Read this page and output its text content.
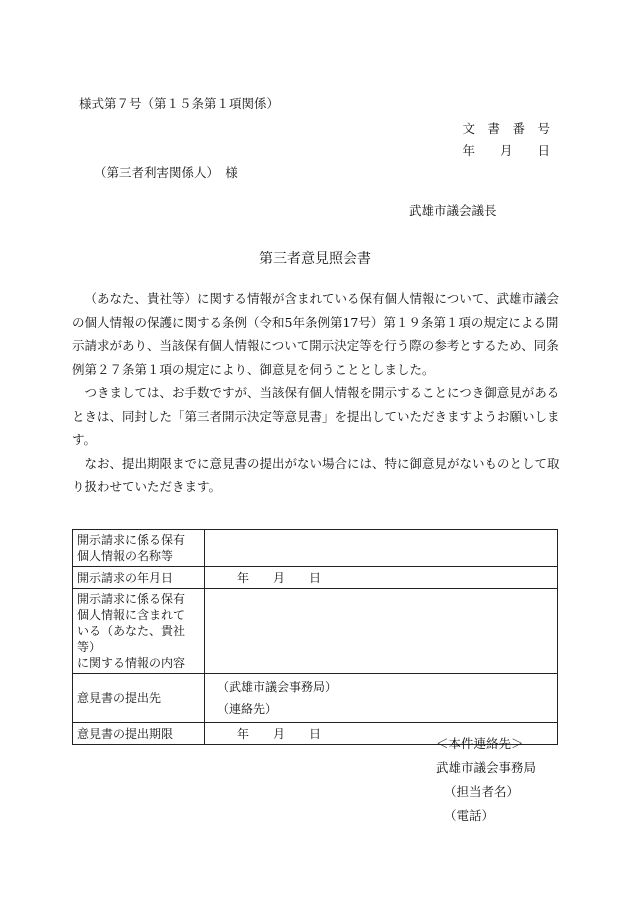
様式第７号（第１５条第１項関係）
文　書　番　号
年　　月　　日
（第三者利害関係人）　様
武雄市議会議長
第三者意見照会書

（あなた、貴社等）に関する情報が含まれている保有個人情報について、武雄市議会の個人情報の保護に関する条例（令和5年条例第17号）第１９条第１項の規定による開示請求があり、当該保有個人情報について開示決定等を行う際の参考とするため、同条例第２７条第１項の規定により、御意見を伺うこととしました。

つきましては、お手数ですが、当該保有個人情報を開示することにつき御意見があるときは、同封した「第三者開示決定等意見書」を提出していただきますようお願いします。

なお、提出期限までに意見書の提出がない場合には、特に御意見がないものとして取り扱わせていただきます。

開示請求に係る保有
個人情報の名称等	

開示請求の年月日	年　　月　　日

開示請求に係る保有
個人情報に含まれて
いる（あなた、貴社等）
に関する情報の内容	

意見書の提出先	（武雄市議会事務局）
（連絡先）

意見書の提出期限	年　　月　　日
＜本件連絡先＞
武雄市議会事務局
（担当者名）
（電話）
